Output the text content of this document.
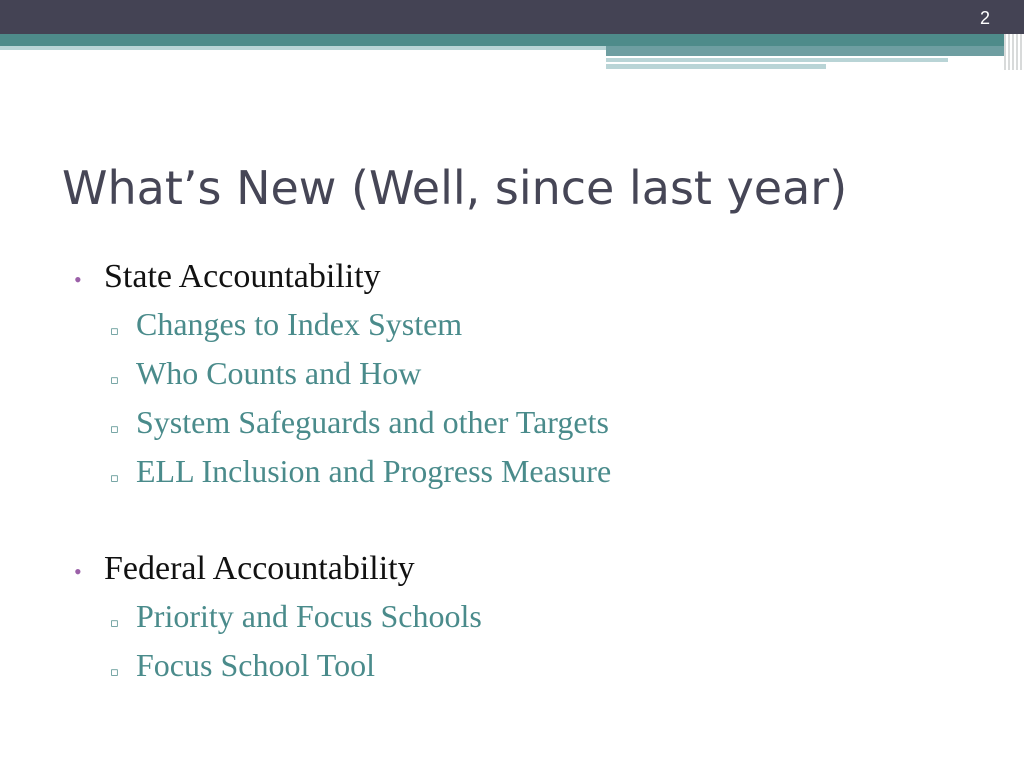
2
What’s New (Well, since last year)
• State Accountability
▫ Changes to Index System
▫ Who Counts and How
▫ System Safeguards and other Targets
▫ ELL Inclusion and Progress Measure
• Federal Accountability
▫ Priority and Focus Schools
▫ Focus School Tool
